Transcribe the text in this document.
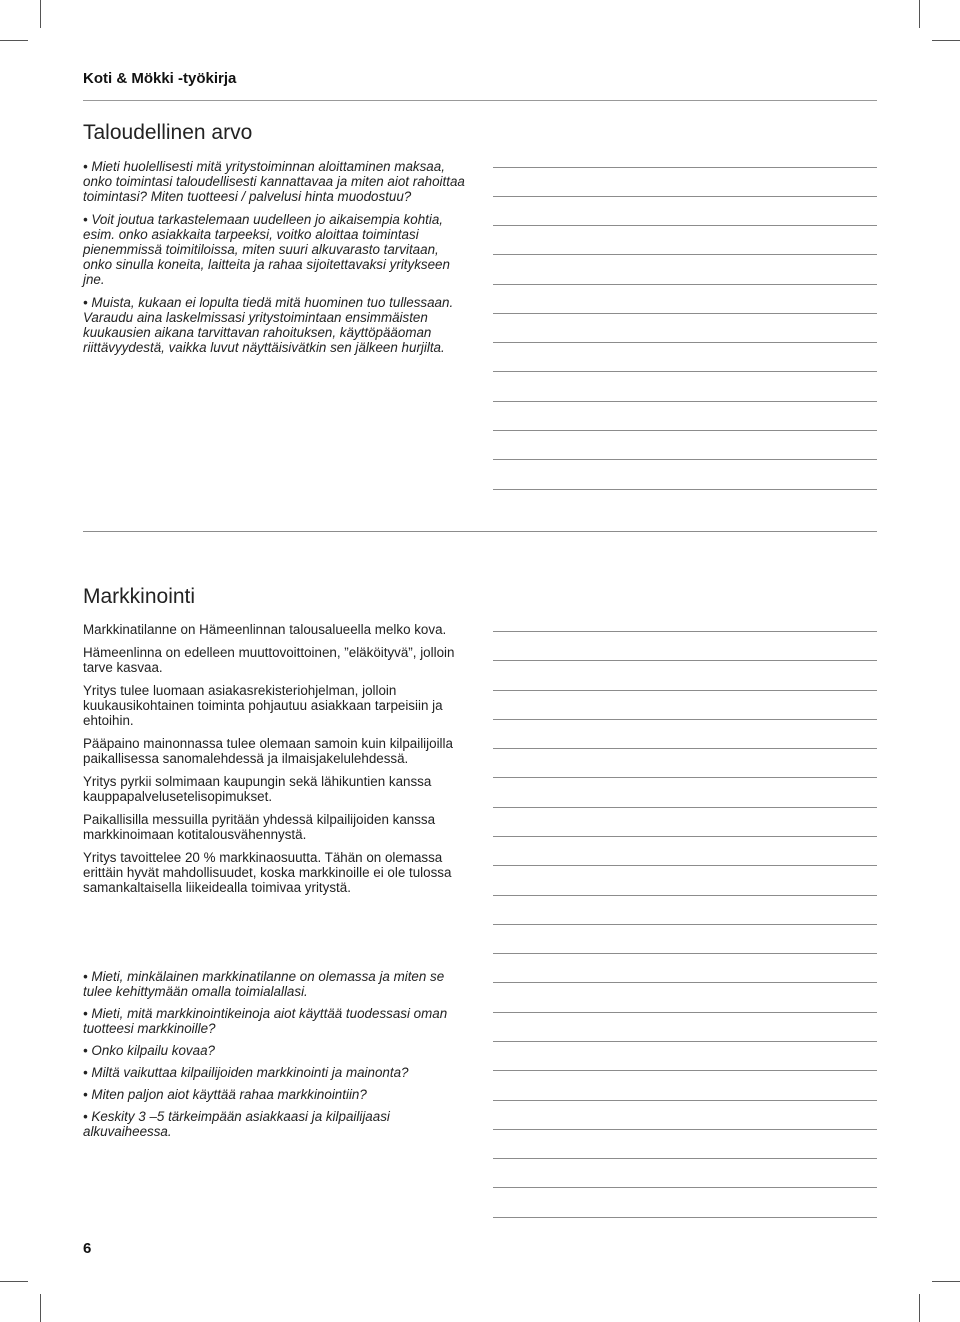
Koti & Mökki -työkirja
Taloudellinen arvo

• Mieti huolellisesti mitä yritystoiminnan aloittaminen maksaa, onko toimintasi taloudellisesti kannattavaa ja miten aiot rahoittaa toimintasi? Miten tuotteesi / palvelusi hinta muodostuu?

• Voit joutua tarkastelemaan uudelleen jo aikaisempia kohtia, esim. onko asiakkaita tarpeeksi, voitko aloittaa toimintasi pienemmissä toimitiloissa, miten suuri alkuvarasto tarvitaan, onko sinulla koneita, laitteita ja rahaa sijoitettavaksi yritykseen jne.

• Muista, kukaan ei lopulta tiedä mitä huominen tuo tullessaan. Varaudu aina laskelmissasi yritystoimintaan ensimmäisten kuukausien aikana tarvittavan rahoituksen, käyttöpääoman riittävyydestä, vaikka luvut näyttäisivätkin sen jälkeen hurjilta.

Markkinointi

Markkinatilanne on Hämeenlinnan talousalueella melko kova.

Hämeenlinna on edelleen muuttovoittoinen, ”eläköityvä”, jolloin tarve kasvaa.

Yritys tulee luomaan asiakasrekisteriohjelman, jolloin kuukausikohtainen toiminta pohjautuu asiakkaan tarpeisiin ja ehtoihin.

Pääpaino mainonnassa tulee olemaan samoin kuin kilpailijoilla paikallisessa sanomalehdessä ja ilmaisjakelulehdessä.

Yritys pyrkii solmimaan kaupungin sekä lähikuntien kanssa kauppapalvelusetelisopimukset.

Paikallisilla messuilla pyritään yhdessä kilpailijoiden kanssa markkinoimaan kotitalousvähennystä.

Yritys tavoittelee 20 % markkinaosuutta. Tähän on olemassa erittäin hyvät mahdollisuudet, koska markkinoille ei ole tulossa samankaltaisella liikeidealla toimivaa yritystä.

• Mieti, minkälainen markkinatilanne on olemassa ja miten se tulee kehittymään omalla toimialallasi.

• Mieti, mitä markkinointikeinoja aiot käyttää tuodessasi oman tuotteesi markkinoille?

• Onko kilpailu kovaa?

• Miltä vaikuttaa kilpailijoiden markkinointi ja mainonta?

• Miten paljon aiot käyttää rahaa markkinointiin?

• Keskity 3 –5 tärkeimpään asiakkaasi ja kilpailijaasi alkuvaiheessa.

6
